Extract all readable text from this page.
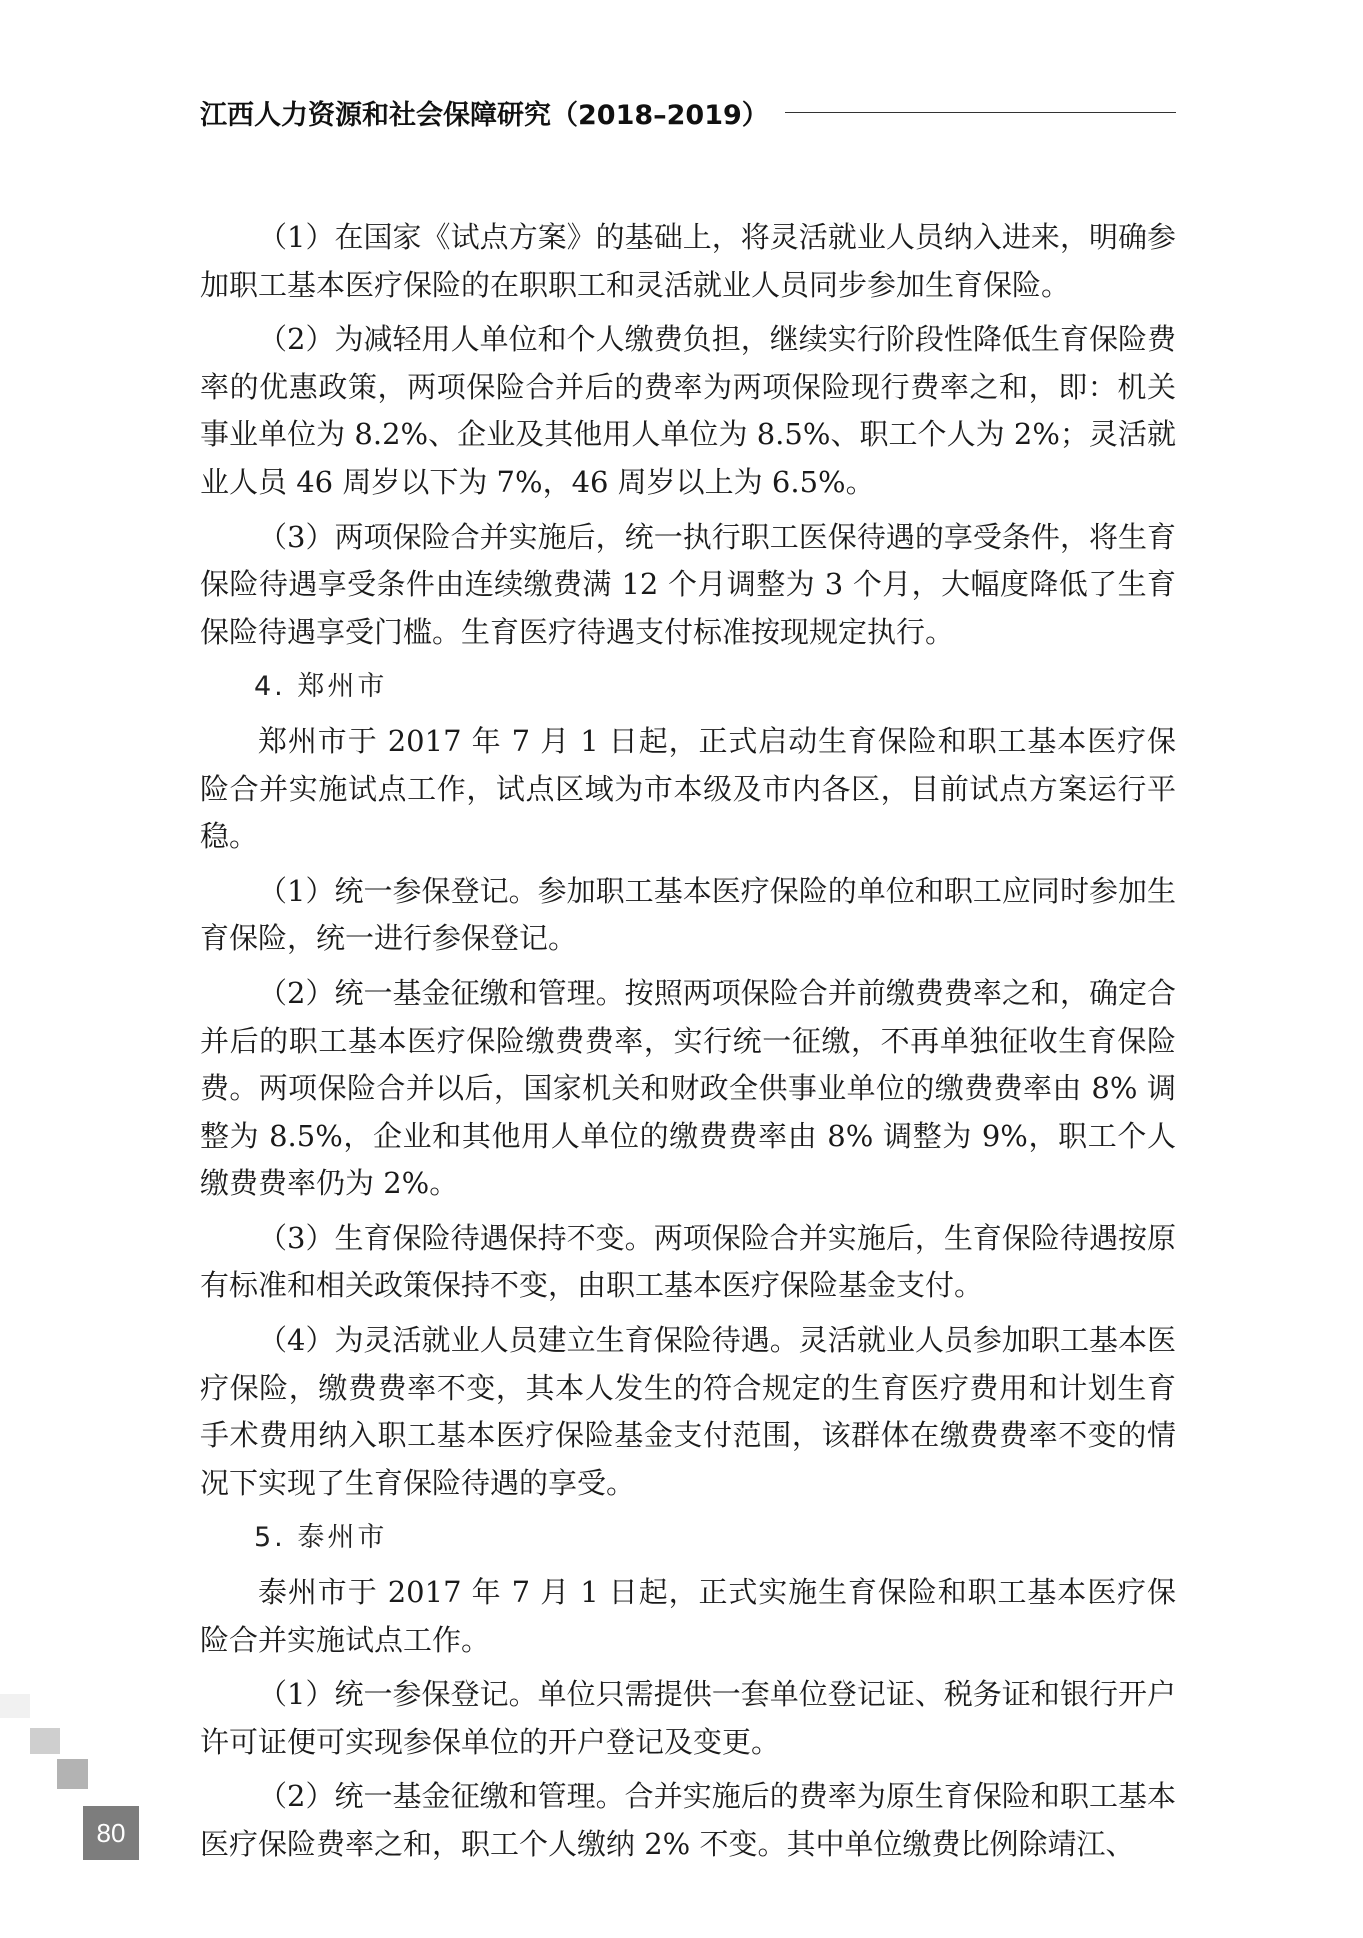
江西人力资源和社会保障研究（2018–2019）

（1）在国家《试点方案》的基础上，将灵活就业人员纳入进来，明确参加职工基本医疗保险的在职职工和灵活就业人员同步参加生育保险。

（2）为减轻用人单位和个人缴费负担，继续实行阶段性降低生育保险费率的优惠政策，两项保险合并后的费率为两项保险现行费率之和，即：机关事业单位为 8.2%、企业及其他用人单位为 8.5%、职工个人为 2%；灵活就业人员 46 周岁以下为 7%，46 周岁以上为 6.5%。

（3）两项保险合并实施后，统一执行职工医保待遇的享受条件，将生育保险待遇享受条件由连续缴费满 12 个月调整为 3 个月，大幅度降低了生育保险待遇享受门槛。生育医疗待遇支付标准按现规定执行。

4. 郑州市

郑州市于 2017 年 7 月 1 日起，正式启动生育保险和职工基本医疗保险合并实施试点工作，试点区域为市本级及市内各区，目前试点方案运行平稳。

（1）统一参保登记。参加职工基本医疗保险的单位和职工应同时参加生育保险，统一进行参保登记。

（2）统一基金征缴和管理。按照两项保险合并前缴费费率之和，确定合并后的职工基本医疗保险缴费费率，实行统一征缴，不再单独征收生育保险费。两项保险合并以后，国家机关和财政全供事业单位的缴费费率由 8% 调整为 8.5%，企业和其他用人单位的缴费费率由 8% 调整为 9%，职工个人缴费费率仍为 2%。

（3）生育保险待遇保持不变。两项保险合并实施后，生育保险待遇按原有标准和相关政策保持不变，由职工基本医疗保险基金支付。

（4）为灵活就业人员建立生育保险待遇。灵活就业人员参加职工基本医疗保险，缴费费率不变，其本人发生的符合规定的生育医疗费用和计划生育手术费用纳入职工基本医疗保险基金支付范围，该群体在缴费费率不变的情况下实现了生育保险待遇的享受。

5. 泰州市

泰州市于 2017 年 7 月 1 日起，正式实施生育保险和职工基本医疗保险合并实施试点工作。

（1）统一参保登记。单位只需提供一套单位登记证、税务证和银行开户许可证便可实现参保单位的开户登记及变更。

（2）统一基金征缴和管理。合并实施后的费率为原生育保险和职工基本医疗保险费率之和，职工个人缴纳 2% 不变。其中单位缴费比例除靖江、

80
